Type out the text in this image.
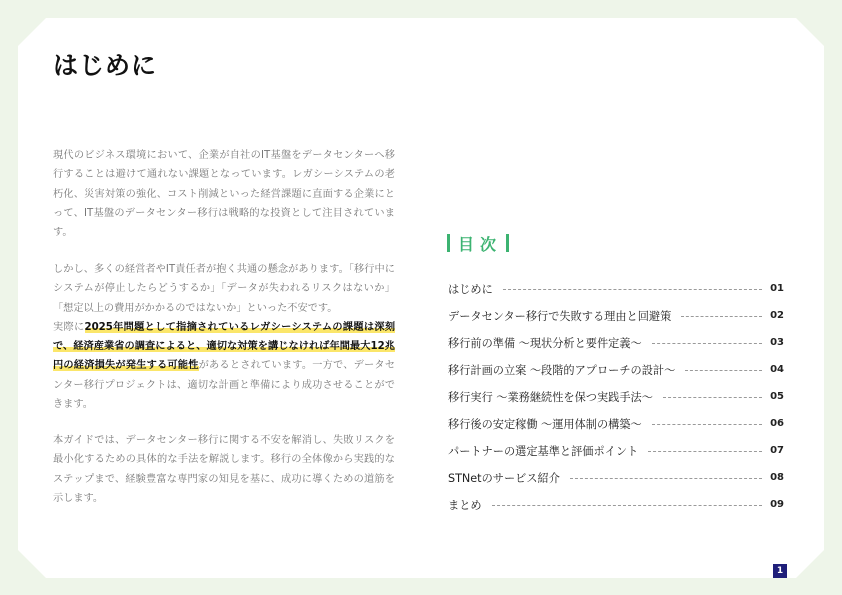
はじめに

現代のビジネス環境において、企業が自社のIT基盤をデータセンターへ移行することは避けて通れない課題となっています。レガシーシステムの老朽化、災害対策の強化、コスト削減といった経営課題に直面する企業にとって、IT基盤のデータセンター移行は戦略的な投資として注目されています。

しかし、多くの経営者やIT責任者が抱く共通の懸念があります。「移行中にシステムが停止したらどうするか」「データが失われるリスクはないか」「想定以上の費用がかかるのではないか」といった不安です。
実際に2025年問題として指摘されているレガシーシステムの課題は深刻で、経済産業省の調査によると、適切な対策を講じなければ年間最大12兆円の経済損失が発生する可能性があるとされています。一方で、データセンター移行プロジェクトは、適切な計画と準備により成功させることができます。

本ガイドでは、データセンター移行に関する不安を解消し、失敗リスクを最小化するための具体的な手法を解説します。移行の全体像から実践的なステップまで、経験豊富な専門家の知見を基に、成功に導くための道筋を示します。

目次
はじめに	01
データセンター移行で失敗する理由と回避策	02
移行前の準備 〜現状分析と要件定義〜	03
移行計画の立案 〜段階的アプローチの設計〜	04
移行実行 〜業務継続性を保つ実践手法〜	05
移行後の安定稼働 〜運用体制の構築〜	06
パートナーの選定基準と評価ポイント	07
STNetのサービス紹介	08
まとめ	09
1
